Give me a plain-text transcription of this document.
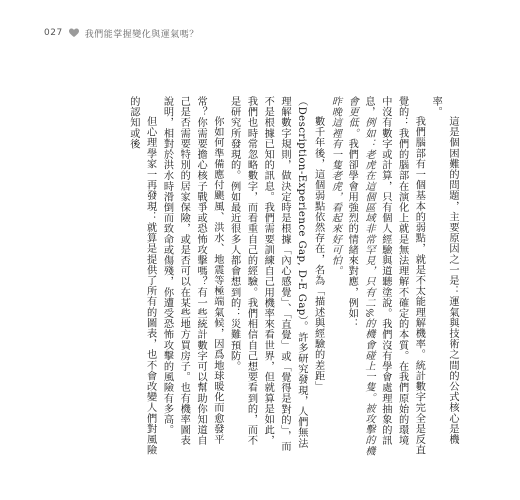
027 我們能掌握變化與運氣嗎？

這是個困難的問題，主要原因之一是：運氣與技術之間的公式核心是機率。

我們腦部有一個基本的弱點，就是不太能理解機率。統計數字完全是反直覺的：我們的腦部在演化上就是無法理解不確定的本質。在我們原始的環境中沒有數字或計算，只有個人經驗與道聽塗說。我們沒有學會處理抽象的訊息，例如：老虎在這個區域非常罕見，只有二%的機會碰上一隻。被攻擊的機會更低。我們卻學會用強烈的情緒來對應，例如：

昨晚這裡有一隻老虎，看起來好可怕。

數千年後，這個弱點依然存在，名為「描述與經驗的差距」（Description-Experience Gap, D-E Gap）。許多研究發現，人們無法理解數字規則，做決定時是根據「內心感覺」、「直覺」或「覺得是對的」，而不是根據已知的訊息。我們需要訓練自己用機率來看世界，但就算是如此，我們也時常忽略數字，而看重自己的經驗。我們相信自己想要看到的，而不是研究所發現的。例如最近很多人都會想到的：災難預防。

你如何準備應付颶風、洪水、地震等極端氣候，因爲地球暖化而愈發平常？你需要擔心核子戰爭或恐怖攻擊嗎？有一些統計數字可以幫助你知道自己是否需要特別的居家保險，或是否可以在某些地方買房子。也有機率圖表說明，相對於洪水時滑倒而致命或傷殘，你遭受恐怖攻擊的風險有多高。

但心理學家一再發現：就算是提供了所有的圖表，也不會改變人們對風險的認知或後
